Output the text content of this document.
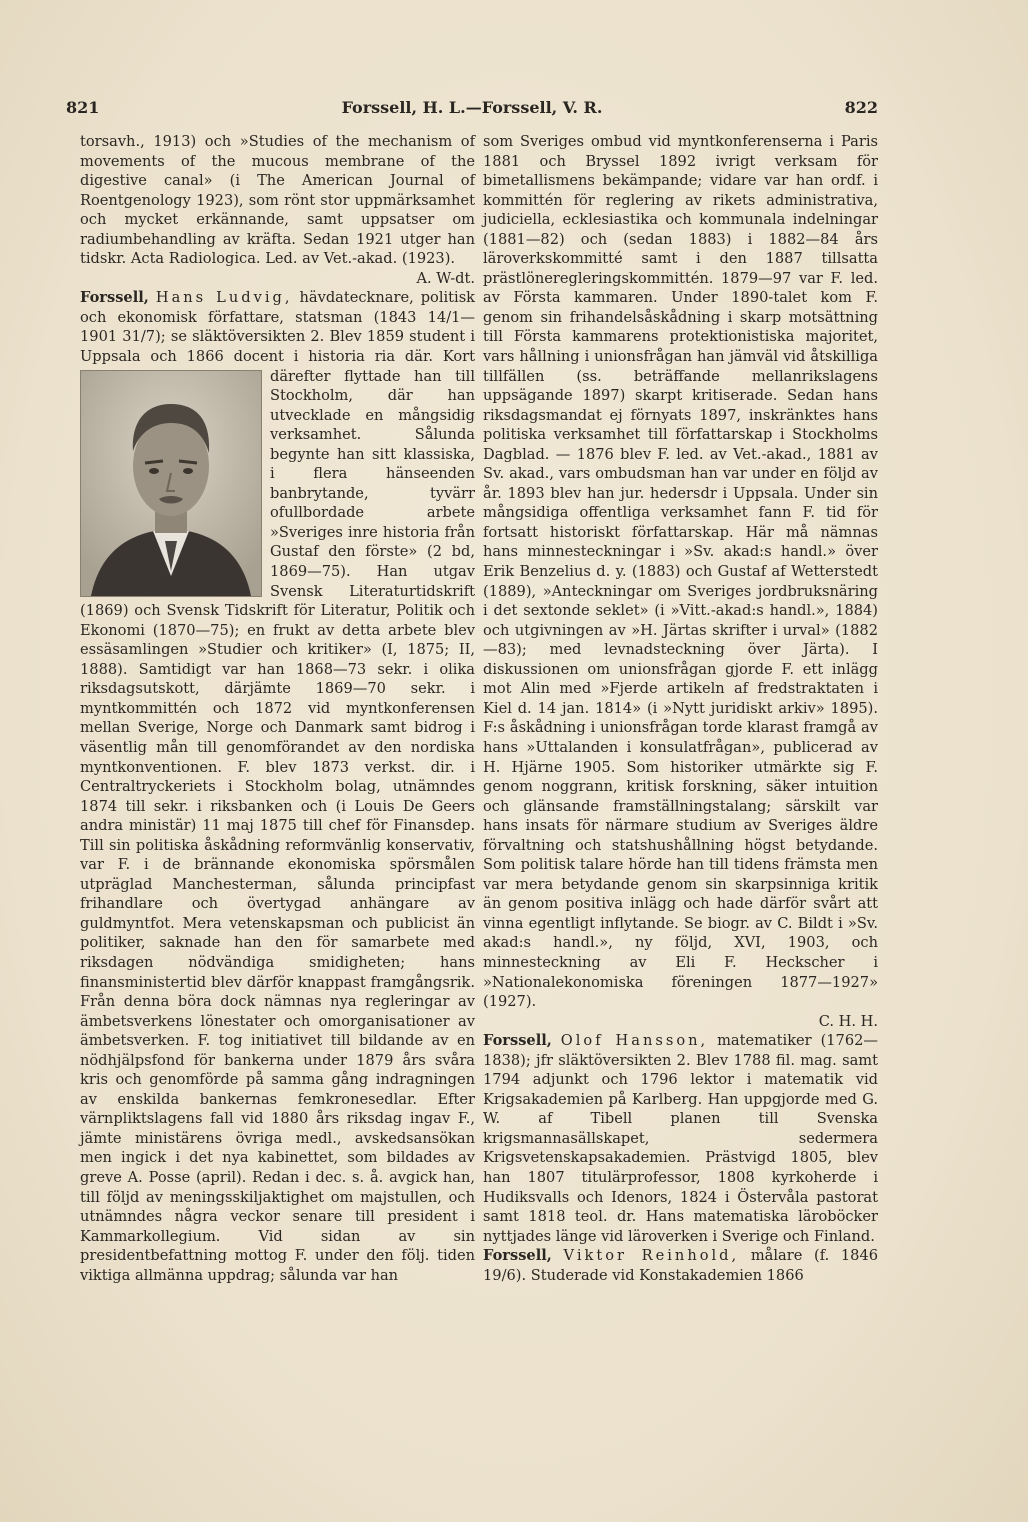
821	Forssell, H. L.—Forssell, V. R.	822

torsavh., 1913) och »Studies of the mechanism of movements of the mucous membrane of the digestive canal» (i The American Journal of Roentgenology 1923), som rönt stor uppmärksamhet och mycket erkännande, samt uppsatser om radiumbehandling av kräfta. Sedan 1921 utger han tidskr. Acta Radiologica. Led. av Vet.-akad. (1923).
A. W-dt.

Forssell, Hans Ludvig, hävdatecknare, politisk och ekonomisk författare, statsman (1843 14/1—1901 31/7); se släktöversikten 2. Blev 1859 student i Uppsala och 1866 docent i historia ria där. Kort därefter flyttade han till Stockholm, där han utvecklade en mångsidig verksamhet. Sålunda begynte han sitt klassiska, i flera hänseenden banbrytande, tyvärr ofullbordade arbete »Sveriges inre historia från Gustaf den förste» (2 bd, 1869—75). Han utgav Svensk Literaturtidskrift (1869) och Svensk Tidskrift för Literatur, Politik och Ekonomi (1870—75); en frukt av detta arbete blev essäsamlingen »Studier och kritiker» (I, 1875; II, 1888). Samtidigt var han 1868—73 sekr. i olika riksdagsutskott, därjämte 1869—70 sekr. i myntkommittén och 1872 vid myntkonferensen mellan Sverige, Norge och Danmark samt bidrog i väsentlig mån till genomförandet av den nordiska myntkonventionen. F. blev 1873 verkst. dir. i Centraltryckeriets i Stockholm bolag, utnämndes 1874 till sekr. i riksbanken och (i Louis De Geers andra ministär) 11 maj 1875 till chef för Finansdep. Till sin politiska åskådning reformvänlig konservativ, var F. i de brännande ekonomiska spörsmålen utpräglad Manchesterman, sålunda principfast frihandlare och övertygad anhängare av guldmyntfot. Mera vetenskapsman och publicist än politiker, saknade han den för samarbete med riksdagen nödvändiga smidigheten; hans finansministertid blev därför knappast framgångsrik. Från denna böra dock nämnas nya regleringar av ämbetsverkens lönestater och omorganisationer av ämbetsverken. F. tog initiativet till bildande av en nödhjälpsfond för bankerna under 1879 års svåra kris och genomförde på samma gång indragningen av enskilda bankernas femkronesedlar. Efter värnpliktslagens fall vid 1880 års riksdag ingav F., jämte ministärens övriga medl., avskedsansökan men ingick i det nya kabinettet, som bildades av greve A. Posse (april). Redan i dec. s. å. avgick han, till följd av meningsskiljaktighet om majstullen, och utnämndes några veckor senare till president i Kammarkollegium. Vid sidan av sin presidentbefattning mottog F. under den följ. tiden viktiga allmänna uppdrag; sålunda var han

som Sveriges ombud vid myntkonferenserna i Paris 1881 och Bryssel 1892 ivrigt verksam för bimetallismens bekämpande; vidare var han ordf. i kommittén för reglering av rikets administrativa, judiciella, ecklesiastika och kommunala indelningar (1881—82) och (sedan 1883) i 1882—84 års läroverkskommitté samt i den 1887 tillsatta prästlöneregleringskommittén. 1879—97 var F. led. av Första kammaren. Under 1890-talet kom F. genom sin frihandelsåskådning i skarp motsättning till Första kammarens protektionistiska majoritet, vars hållning i unionsfrågan han jämväl vid åtskilliga tillfällen (ss. beträffande mellanrikslagens uppsägande 1897) skarpt kritiserade. Sedan hans riksdagsmandat ej förnyats 1897, inskränktes hans politiska verksamhet till författarskap i Stockholms Dagblad. — 1876 blev F. led. av Vet.-akad., 1881 av Sv. akad., vars ombudsman han var under en följd av år. 1893 blev han jur. hedersdr i Uppsala. Under sin mångsidiga offentliga verksamhet fann F. tid för fortsatt historiskt författarskap. Här må nämnas hans minnesteckningar i »Sv. akad:s handl.» över Erik Benzelius d. y. (1883) och Gustaf af Wetterstedt (1889), »Anteckningar om Sveriges jordbruksnäring i det sextonde seklet» (i »Vitt.-akad:s handl.», 1884) och utgivningen av »H. Järtas skrifter i urval» (1882—83); med levnadsteckning över Järta). I diskussionen om unionsfrågan gjorde F. ett inlägg mot Alin med »Fjerde artikeln af fredstraktaten i Kiel d. 14 jan. 1814» (i »Nytt juridiskt arkiv» 1895). F:s åskådning i unionsfrågan torde klarast framgå av hans »Uttalanden i konsulatfrågan», publicerad av H. Hjärne 1905. Som historiker utmärkte sig F. genom noggrann, kritisk forskning, säker intuition och glänsande framställningstalang; särskilt var hans insats för närmare studium av Sveriges äldre förvaltning och statshushållning högst betydande. Som politisk talare hörde han till tidens främsta men var mera betydande genom sin skarpsinniga kritik än genom positiva inlägg och hade därför svårt att vinna egentligt inflytande. Se biogr. av C. Bildt i »Sv. akad:s handl.», ny följd, XVI, 1903, och minnesteckning av Eli F. Heckscher i »Nationalekonomiska föreningen 1877—1927» (1927).
C. H. H.

Forssell, Olof Hansson, matematiker (1762—1838); jfr släktöversikten 2. Blev 1788 fil. mag. samt 1794 adjunkt och 1796 lektor i matematik vid Krigsakademien på Karlberg. Han uppgjorde med G. W. af Tibell planen till Svenska krigsmannasällskapet, sedermera Krigsvetenskapsakademien. Prästvigd 1805, blev han 1807 titulärprofessor, 1808 kyrkoherde i Hudiksvalls och Idenors, 1824 i Östervåla pastorat samt 1818 teol. dr. Hans matematiska läroböcker nyttjades länge vid läroverken i Sverige och Finland.

Forssell, Viktor Reinhold, målare (f. 1846 19/6). Studerade vid Konstakademien 1866
